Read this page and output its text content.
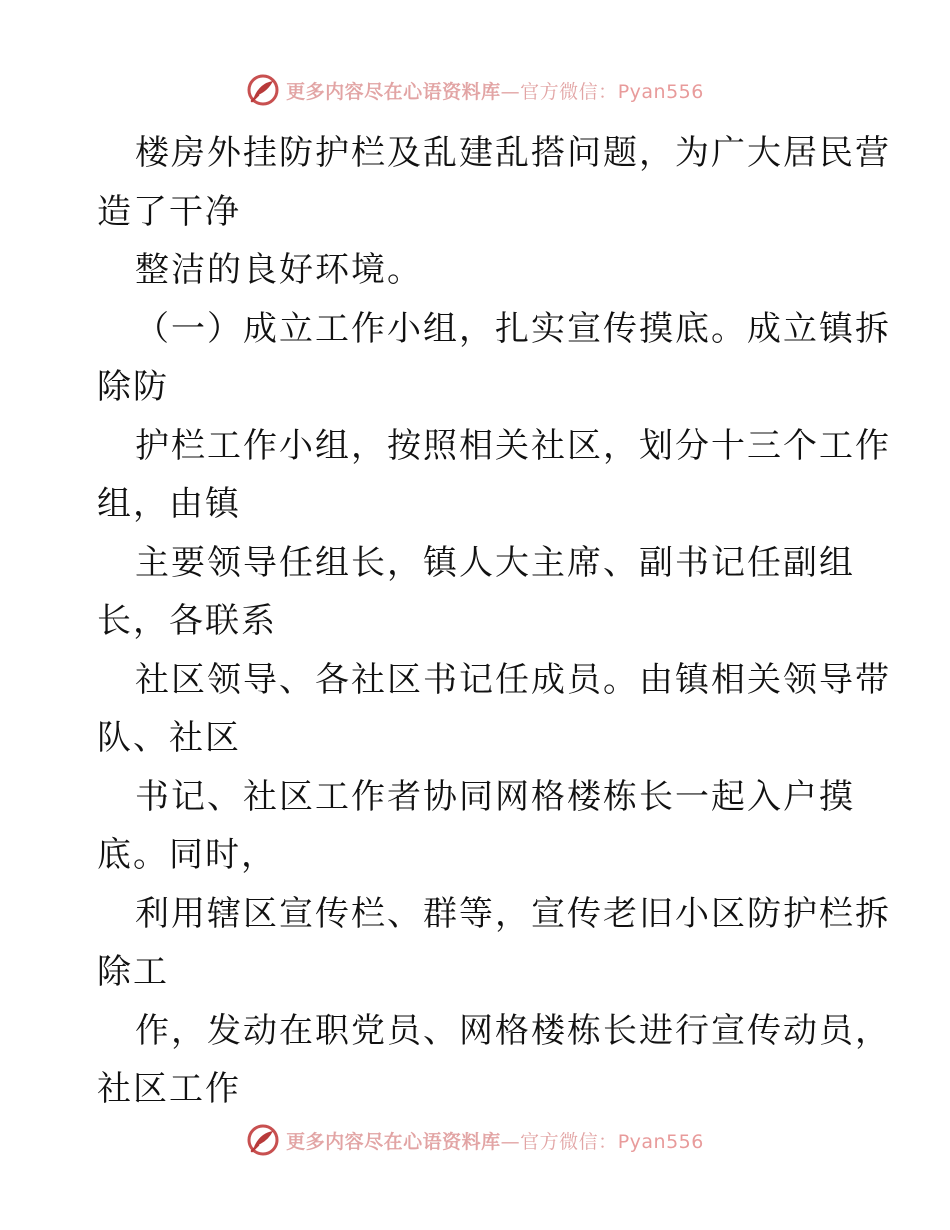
更多内容尽在心语资料库—官方微信：Pyan556
楼房外挂防护栏及乱建乱搭问题，为广大居民营
造了干净
整洁的良好环境。
（一）成立工作小组，扎实宣传摸底。成立镇拆
除防
护栏工作小组，按照相关社区，划分十三个工作
组，由镇
主要领导任组长，镇人大主席、副书记任副组
长，各联系
社区领导、各社区书记任成员。由镇相关领导带
队、社区
书记、社区工作者协同网格楼栋长一起入户摸
底。同时，
利用辖区宣传栏、群等，宣传老旧小区防护栏拆
除工
作，发动在职党员、网格楼栋长进行宣传动员，
社区工作
更多内容尽在心语资料库—官方微信：Pyan556
